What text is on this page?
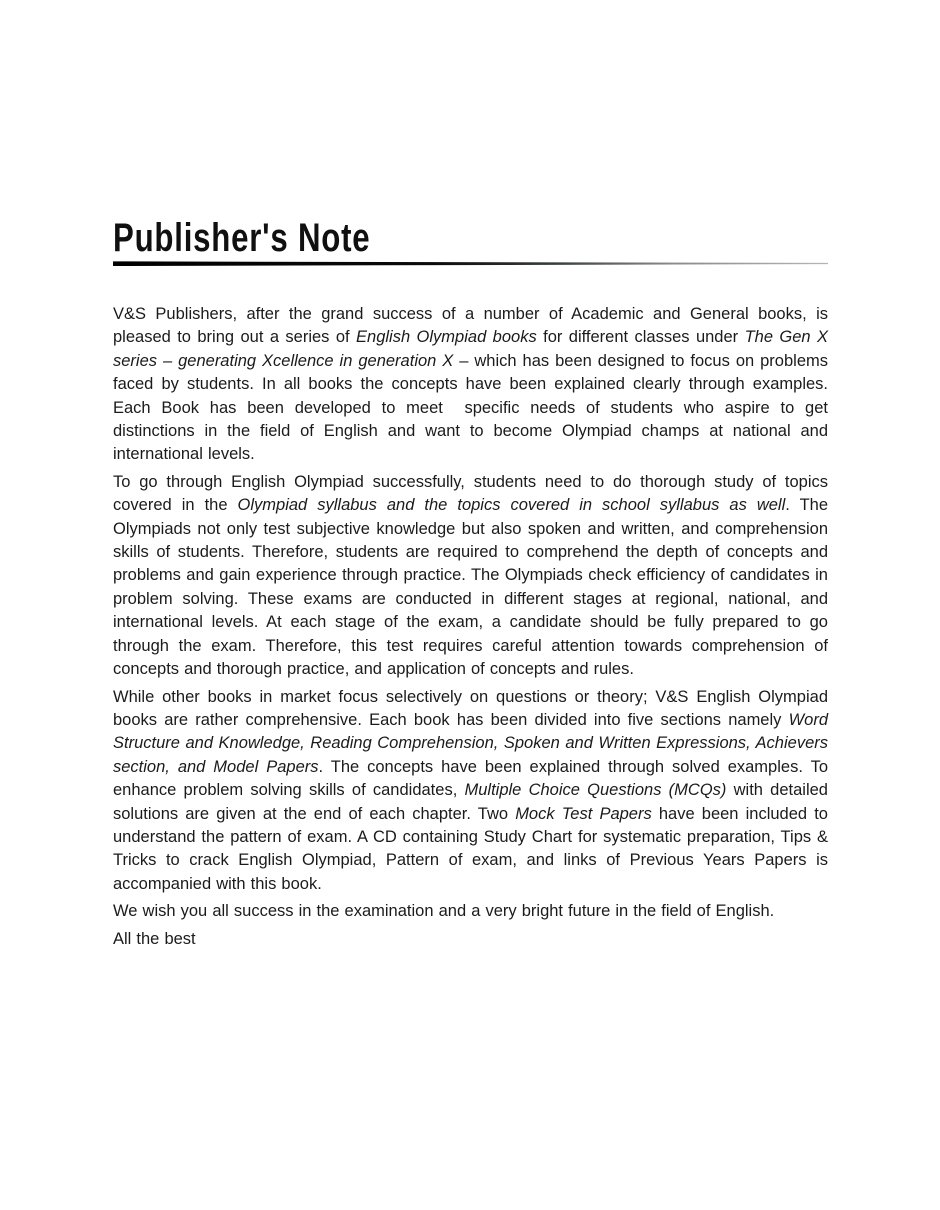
Publisher's Note

V&S Publishers, after the grand success of a number of Academic and General books, is pleased to bring out a series of English Olympiad books for different classes under The Gen X series – generating Xcellence in generation X – which has been designed to focus on problems faced by students. In all books the concepts have been explained clearly through examples. Each Book has been developed to meet  specific needs of students who aspire to get distinctions in the field of English and want to become Olympiad champs at national and international levels.

To go through English Olympiad successfully, students need to do thorough study of topics covered in the Olympiad syllabus and the topics covered in school syllabus as well. The Olympiads not only test subjective knowledge but also spoken and written, and comprehension skills of students. Therefore, students are required to comprehend the depth of concepts and problems and gain experience through practice. The Olympiads check efficiency of candidates in problem solving. These exams are conducted in different stages at regional, national, and international levels. At each stage of the exam, a candidate should be fully prepared to go through the exam. Therefore, this test requires careful attention towards comprehension of concepts and thorough practice, and application of concepts and rules.

While other books in market focus selectively on questions or theory; V&S English Olympiad books are rather comprehensive. Each book has been divided into five sections namely Word Structure and Knowledge, Reading Comprehension, Spoken and Written Expressions, Achievers section, and Model Papers. The concepts have been explained through solved examples. To enhance problem solving skills of candidates, Multiple Choice Questions (MCQs) with detailed solutions are given at the end of each chapter. Two Mock Test Papers have been included to understand the pattern of exam. A CD containing Study Chart for systematic preparation, Tips & Tricks to crack English Olympiad, Pattern of exam, and links of Previous Years Papers is accompanied with this book.

We wish you all success in the examination and a very bright future in the field of English.

All the best
